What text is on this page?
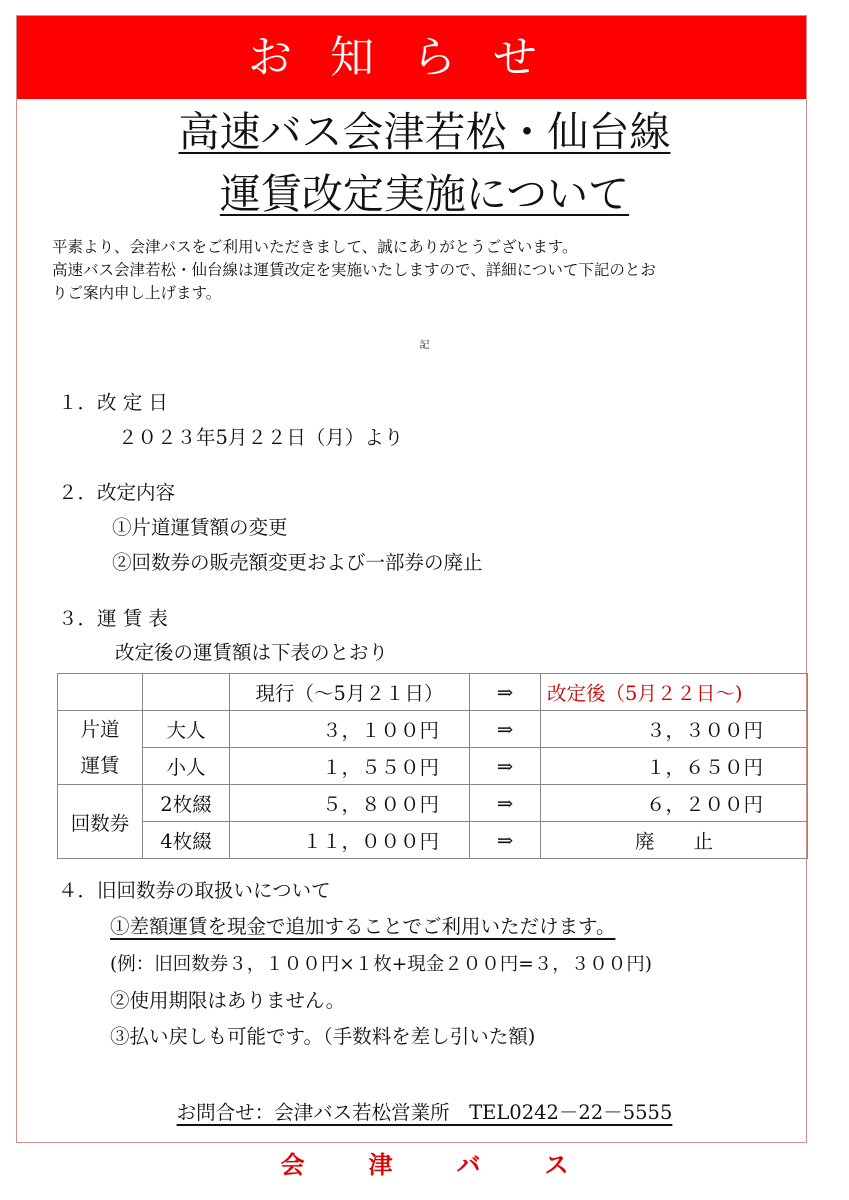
お知らせ
高速バス会津若松・仙台線
運賃改定実施について
平素より、会津バスをご利用いただきまして、誠にありがとうございます。
高速バス会津若松・仙台線は運賃改定を実施いたしますので、詳細について下記のとお
りご案内申し上げます。
記
１．改 定 日
２０２３年5月２２日（月）より
２．改定内容
①片道運賃額の変更
②回数券の販売額変更および一部券の廃止
３．運 賃 表
改定後の運賃額は下表のとおり
		現行（～5月２１日）	⇒	改定後（5月２２日～)

片道
運賃	大人	３，１００円	⇒	３，３００円
	小人	１，５５０円	⇒	１，６５０円
回数券	2枚綴	５，８００円	⇒	６，２００円
	4枚綴	１１，０００円	⇒	廃　　止
４．旧回数券の取扱いについて
①差額運賃を現金で追加することでご利用いただけます。
(例：旧回数券３，１００円×１枚+現金２００円=３，３００円)
②使用期限はありません。
③払い戻しも可能です。（手数料を差し引いた額)
お問合せ：会津バス若松営業所　TEL0242－22－5555
会津バス
